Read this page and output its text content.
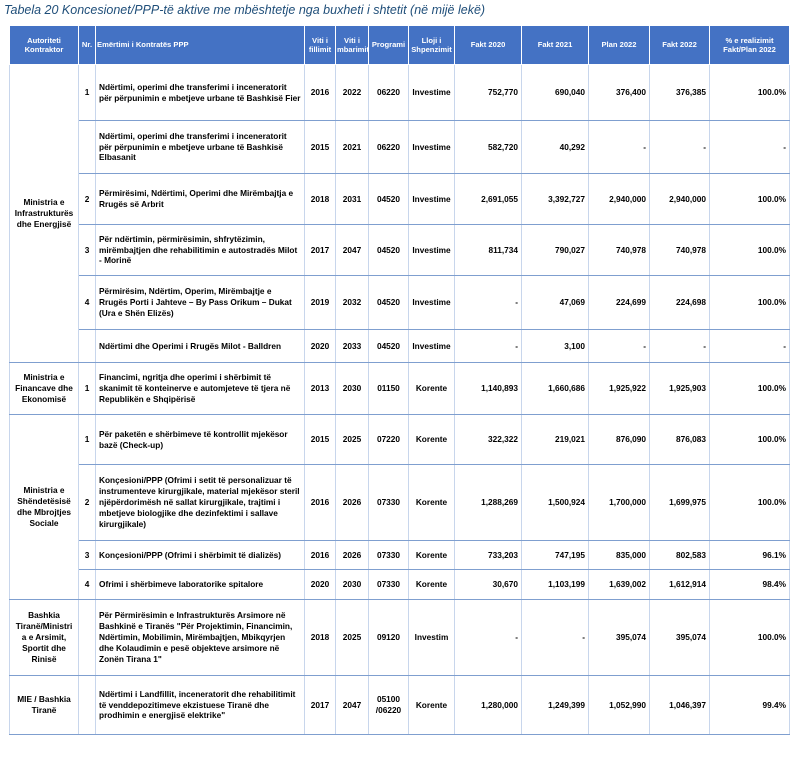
Tabela 20 Koncesionet/PPP-të aktive me mbështetje nga buxheti i shtetit (në mijë lekë)
Autoriteti Kontraktor	Nr.	Emërtimi i Kontratës PPP	Viti i fillimit	Viti i mbarimit	Programi	Lloji i Shpenzimit	Fakt 2020	Fakt 2021	Plan 2022	Fakt 2022	% e realizimit Fakt/Plan 2022
Ministria e Infrastrukturës dhe Energjisë	1	Ndërtimi, operimi dhe transferimi i inceneratorit për përpunimin e mbetjeve urbane të Bashkisë Fier	2016	2022	06220	Investime	752,770	690,040	376,400	376,385	100.0%
		Ndërtimi, operimi dhe transferimi i inceneratorit për përpunimin e mbetjeve urbane të Bashkisë Elbasanit	2015	2021	06220	Investime	582,720	40,292	-	-	-
	2	Përmirësimi, Ndërtimi, Operimi dhe Mirëmbajtja e Rrugës së Arbrit	2018	2031	04520	Investime	2,691,055	3,392,727	2,940,000	2,940,000	100.0%
	3	Për ndërtimin, përmirësimin, shfrytëzimin, mirëmbajtjen dhe rehabilitimin e autostradës Milot - Morinë	2017	2047	04520	Investime	811,734	790,027	740,978	740,978	100.0%
	4	Përmirësim, Ndërtim, Operim, Mirëmbajtje e Rrugës Porti i Jahteve – By Pass Orikum – Dukat (Ura e Shën Elizës)	2019	2032	04520	Investime	-	47,069	224,699	224,698	100.0%
		Ndërtimi dhe Operimi i Rrugës Milot - Balldren	2020	2033	04520	Investime	-	3,100	-	-	-
Ministria e Financave dhe Ekonomisë	1	Financimi, ngritja dhe operimi i shërbimit të skanimit të konteinerve e automjeteve të tjera në Republikën e Shqipërisë	2013	2030	01150	Korente	1,140,893	1,660,686	1,925,922	1,925,903	100.0%
Ministria e Shëndetësisë dhe Mbrojtjes Sociale	1	Për paketën e shërbimeve të kontrollit mjekësor bazë (Check-up)	2015	2025	07220	Korente	322,322	219,021	876,090	876,083	100.0%
	2	Konçesioni/PPP (Ofrimi i setit të personalizuar të instrumenteve kirurgjikale, material mjekësor steril njëpërdorimësh në sallat kirurgjikale, trajtimi i mbetjeve biologjike dhe dezinfektimi i sallave kirurgjikale)	2016	2026	07330	Korente	1,288,269	1,500,924	1,700,000	1,699,975	100.0%
	3	Konçesioni/PPP (Ofrimi i shërbimit të dializës)	2016	2026	07330	Korente	733,203	747,195	835,000	802,583	96.1%
	4	Ofrimi i shërbimeve laboratorike spitalore	2020	2030	07330	Korente	30,670	1,103,199	1,639,002	1,612,914	98.4%
Bashkia Tiranë/Ministri a e Arsimit, Sportit dhe Rinisë		Për Përmirësimin e Infrastrukturës Arsimore në Bashkinë e Tiranës "Për Projektimin, Financimin, Ndërtimin, Mobilimin, Mirëmbajtjen, Mbikqyrjen dhe Kolaudimin e pesë objekteve arsimore në Zonën Tirana 1"	2018	2025	09120	Investim	-	-	395,074	395,074	100.0%
MIE / Bashkia Tiranë		Ndërtimi i Landfillit, inceneratorit dhe rehabilitimit të venddepozitimeve ekzistuese Tiranë dhe prodhimin e energjisë elektrike"	2017	2047	05100 /06220	Korente	1,280,000	1,249,399	1,052,990	1,046,397	99.4%
